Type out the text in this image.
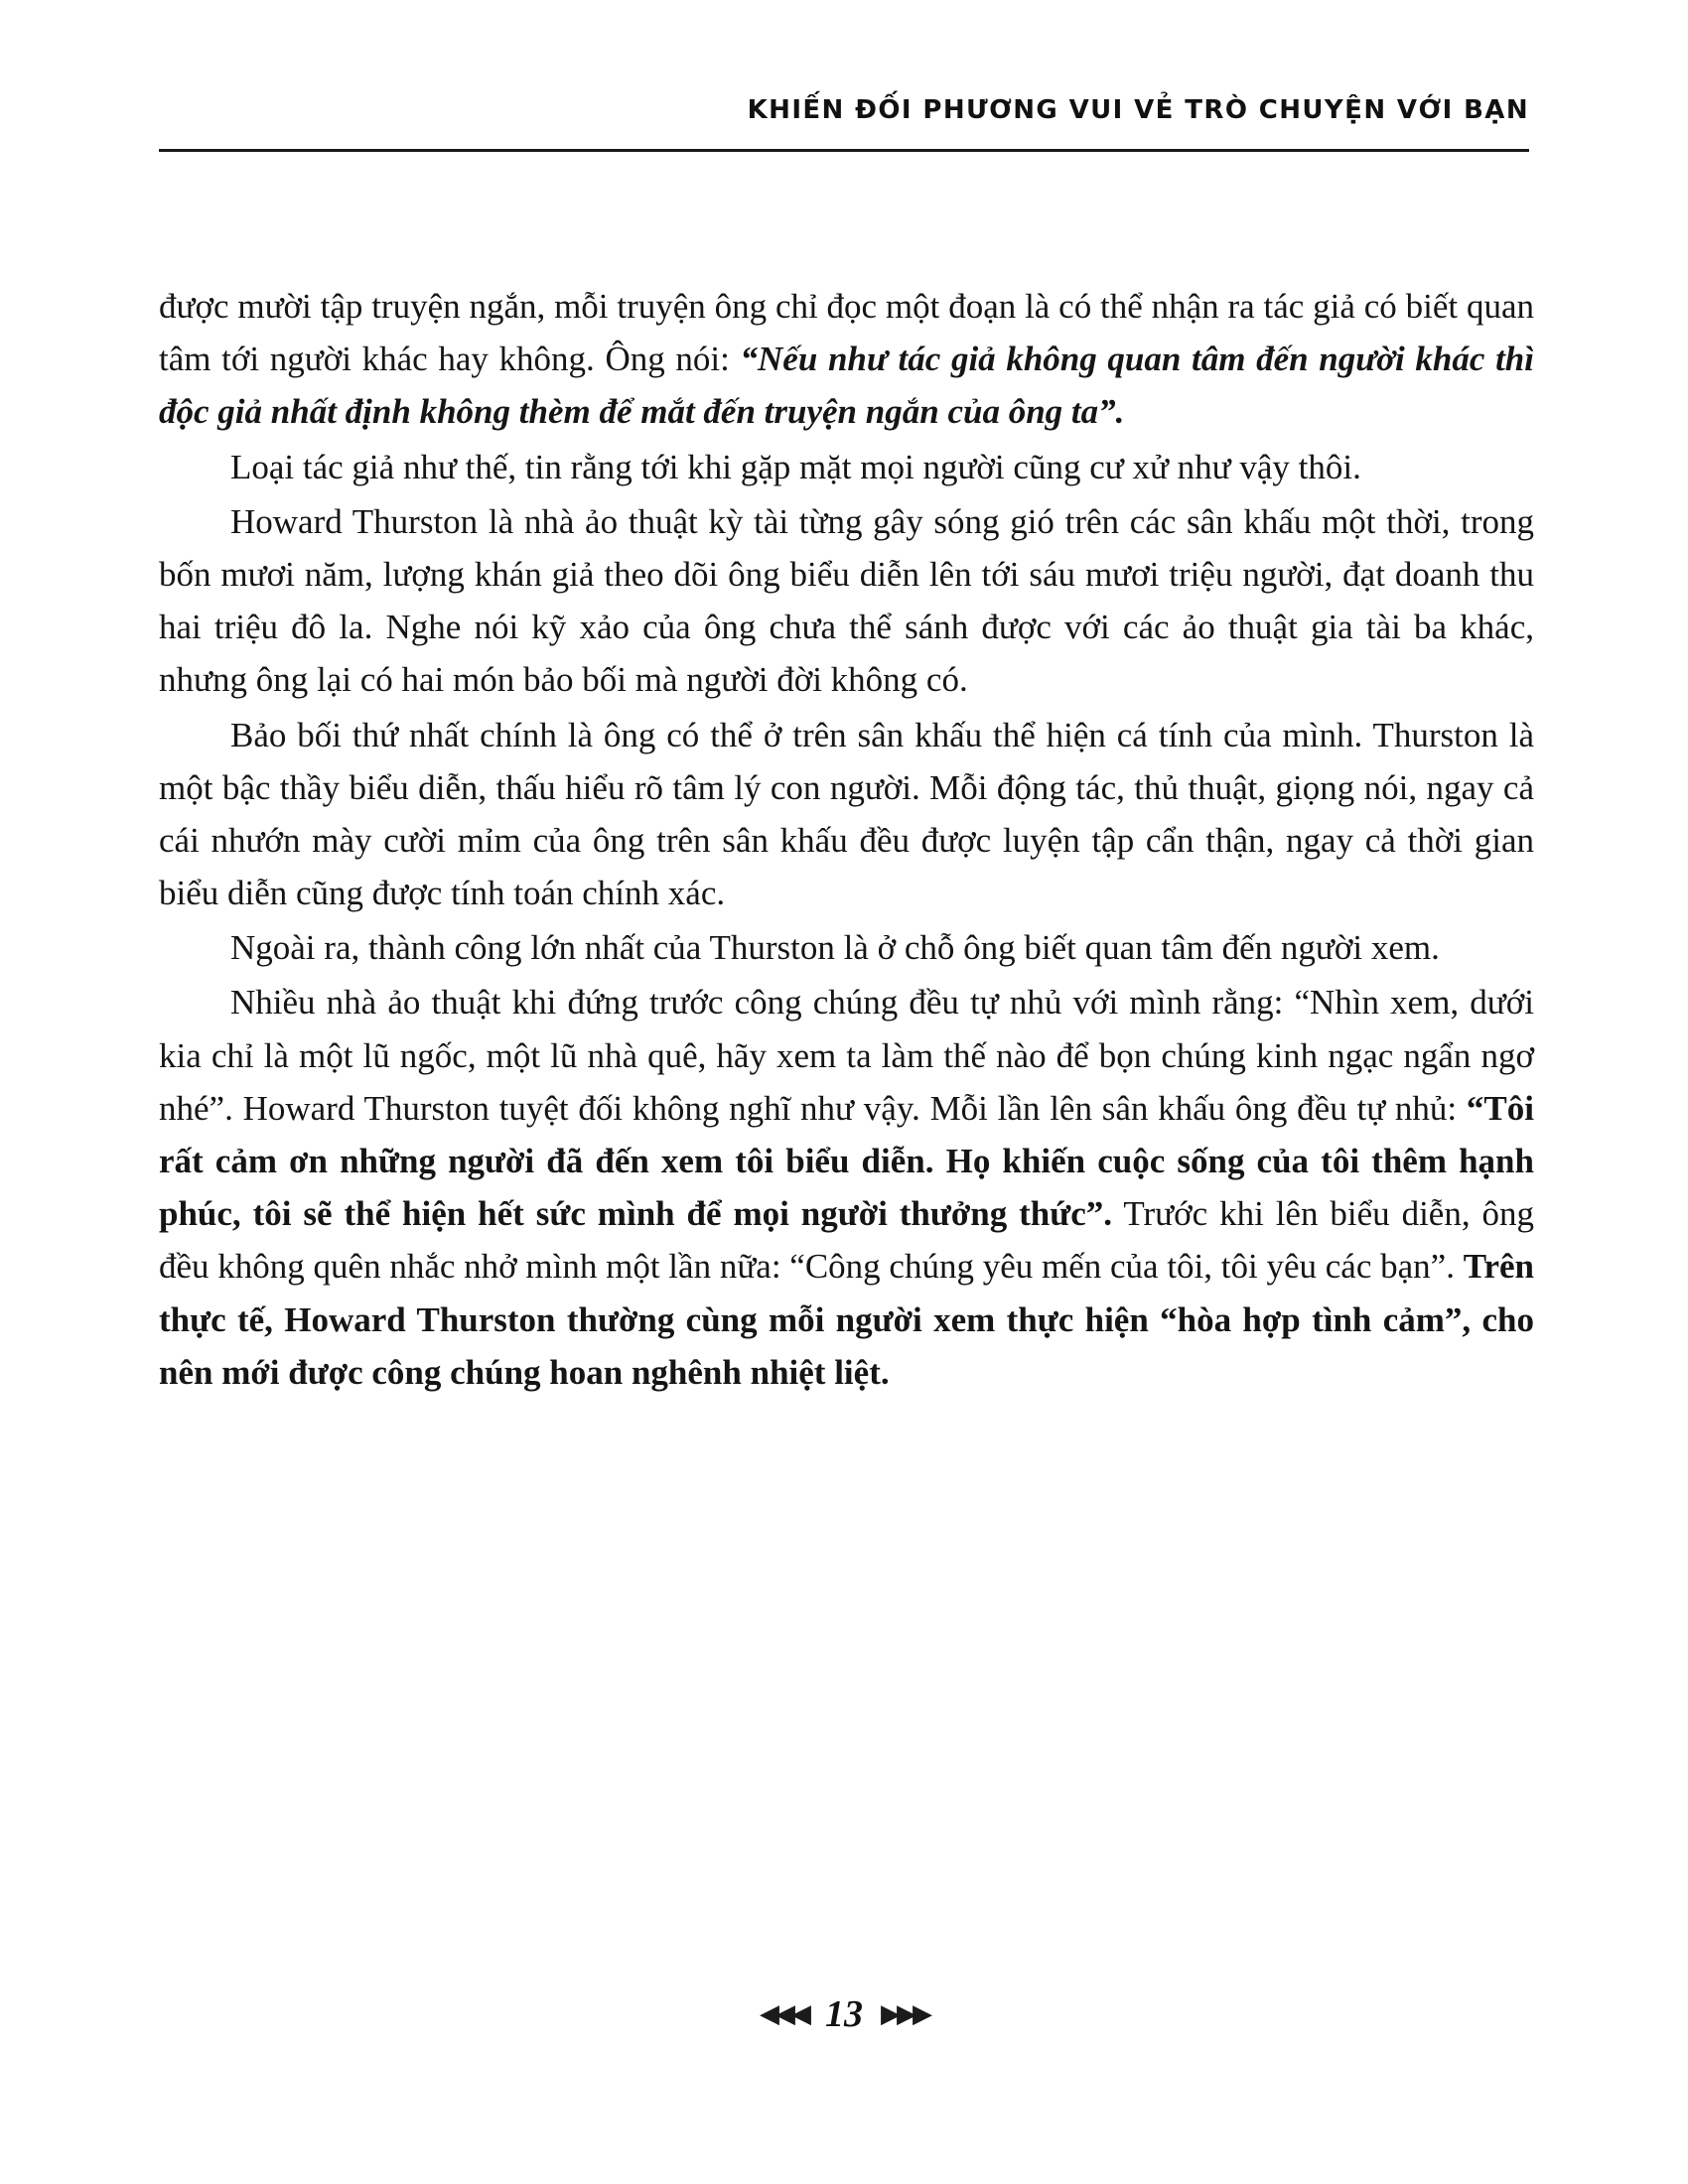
KHIẾN ĐỐI PHƯƠNG VUI VẺ TRÒ CHUYỆN VỚI BẠN

được mười tập truyện ngắn, mỗi truyện ông chỉ đọc một đoạn là có thể nhận ra tác giả có biết quan tâm tới người khác hay không. Ông nói: “Nếu như tác giả không quan tâm đến người khác thì độc giả nhất định không thèm để mắt đến truyện ngắn của ông ta”.

Loại tác giả như thế, tin rằng tới khi gặp mặt mọi người cũng cư xử như vậy thôi.

Howard Thurston là nhà ảo thuật kỳ tài từng gây sóng gió trên các sân khấu một thời, trong bốn mươi năm, lượng khán giả theo dõi ông biểu diễn lên tới sáu mươi triệu người, đạt doanh thu hai triệu đô la. Nghe nói kỹ xảo của ông chưa thể sánh được với các ảo thuật gia tài ba khác, nhưng ông lại có hai món bảo bối mà người đời không có.

Bảo bối thứ nhất chính là ông có thể ở trên sân khấu thể hiện cá tính của mình. Thurston là một bậc thầy biểu diễn, thấu hiểu rõ tâm lý con người. Mỗi động tác, thủ thuật, giọng nói, ngay cả cái nhướn mày cười mỉm của ông trên sân khấu đều được luyện tập cẩn thận, ngay cả thời gian biểu diễn cũng được tính toán chính xác.

Ngoài ra, thành công lớn nhất của Thurston là ở chỗ ông biết quan tâm đến người xem.

Nhiều nhà ảo thuật khi đứng trước công chúng đều tự nhủ với mình rằng: “Nhìn xem, dưới kia chỉ là một lũ ngốc, một lũ nhà quê, hãy xem ta làm thế nào để bọn chúng kinh ngạc ngẩn ngơ nhé”. Howard Thurston tuyệt đối không nghĩ như vậy. Mỗi lần lên sân khấu ông đều tự nhủ: “Tôi rất cảm ơn những người đã đến xem tôi biểu diễn. Họ khiến cuộc sống của tôi thêm hạnh phúc, tôi sẽ thể hiện hết sức mình để mọi người thưởng thức”. Trước khi lên biểu diễn, ông đều không quên nhắc nhở mình một lần nữa: “Công chúng yêu mến của tôi, tôi yêu các bạn”. Trên thực tế, Howard Thurston thường cùng mỗi người xem thực hiện “hòa hợp tình cảm”, cho nên mới được công chúng hoan nghênh nhiệt liệt.

◀◀◀ 13 ▶▶▶
